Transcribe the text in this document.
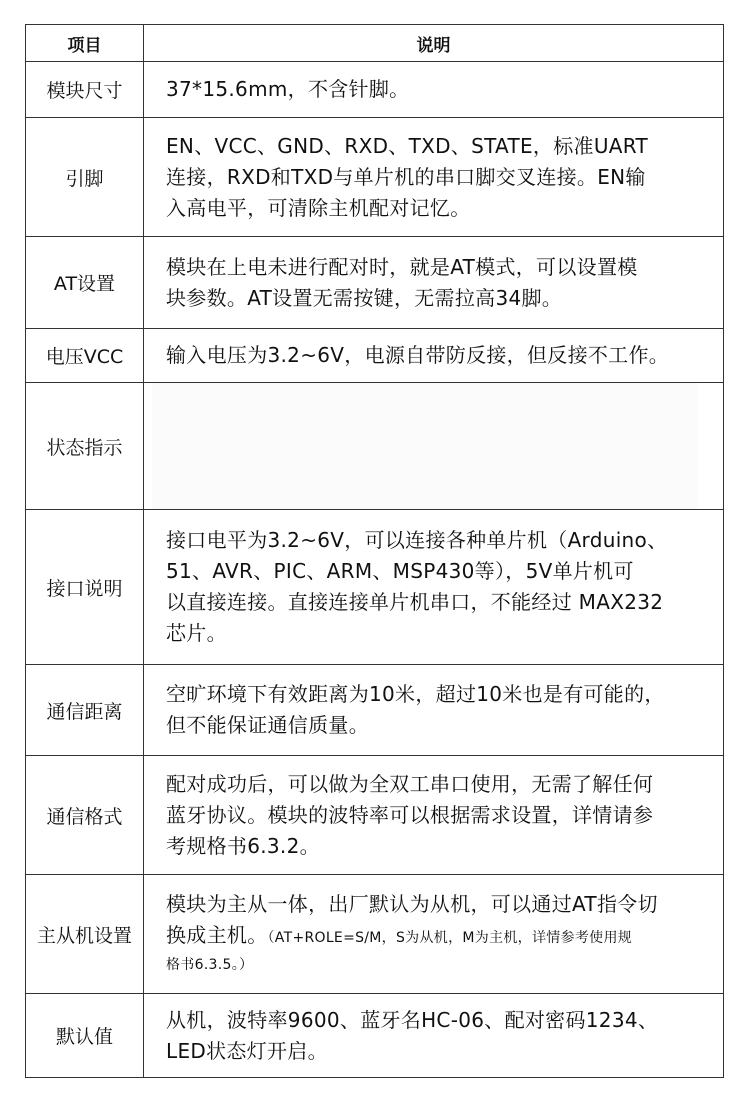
项目	说明
模块尺寸	37*15.6mm，不含针脚。

引脚	EN、VCC、GND、RXD、TXD、STATE，标准UART
连接，RXD和TXD与单片机的串口脚交叉连接。EN输
入高电平，可清除主机配对记忆。

AT设置	模块在上电未进行配对时，就是AT模式，可以设置模
块参数。AT设置无需按键，无需拉高34脚。

电压VCC	输入电压为3.2~6V，电源自带防反接，但反接不工作。

状态指示	

接口说明	接口电平为3.2~6V，可以连接各种单片机（Arduino、
51、AVR、PIC、ARM、MSP430等），5V单片机可
以直接连接。直接连接单片机串口，不能经过 MAX232
芯片。

通信距离	空旷环境下有效距离为10米，超过10米也是有可能的，
但不能保证通信质量。

通信格式	配对成功后，可以做为全双工串口使用，无需了解任何
蓝牙协议。模块的波特率可以根据需求设置，详情请参
考规格书6.3.2。

主从机设置	模块为主从一体，出厂默认为从机，可以通过AT指令切
换成主机。（AT+ROLE=S/M，S为从机，M为主机，详情参考使用规
格书6.3.5。）

默认值	从机，波特率9600、蓝牙名HC-06、配对密码1234、
LED状态灯开启。
